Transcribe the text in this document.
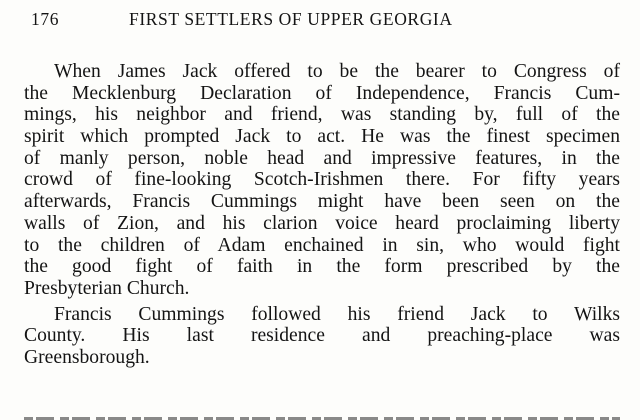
176	FIRST SETTLERS OF UPPER GEORGIA
When James Jack offered to be the bearer to Congress of
the Mecklenburg Declaration of Independence, Francis Cum-
mings, his neighbor and friend, was standing by, full of the
spirit which prompted Jack to act. He was the finest specimen
of manly person, noble head and impressive features, in the
crowd of fine-looking Scotch-Irishmen there. For fifty years
afterwards, Francis Cummings might have been seen on the
walls of Zion, and his clarion voice heard proclaiming liberty
to the children of Adam enchained in sin, who would fight
the good fight of faith in the form prescribed by the
Presbyterian Church.
Francis Cummings followed his friend Jack to Wilks
County. His last residence and preaching-place was
Greensborough.
